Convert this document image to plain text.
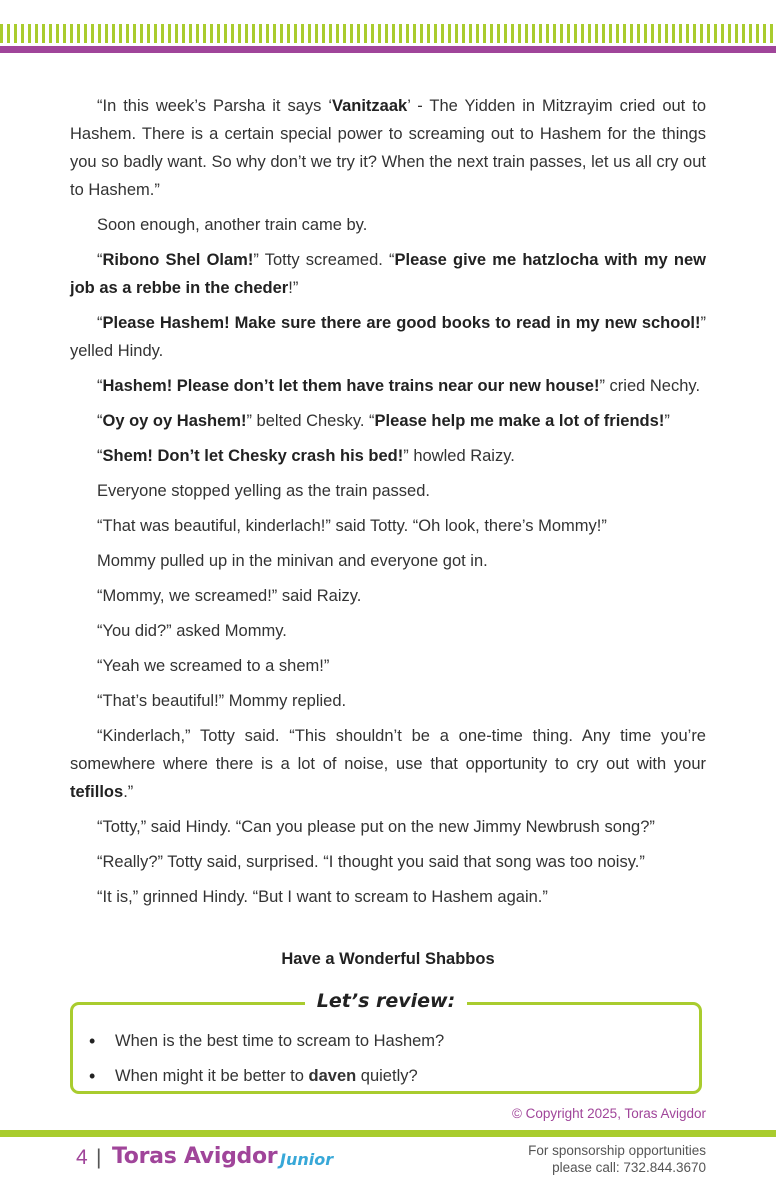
“In this week’s Parsha it says ‘Vanitzaak’ - The Yidden in Mitzrayim cried out to Hashem. There is a certain special power to screaming out to Hashem for the things you so badly want. So why don’t we try it? When the next train passes, let us all cry out to Hashem.”

Soon enough, another train came by.

“Ribono Shel Olam!” Totty screamed. “Please give me hatzlocha with my new job as a rebbe in the cheder!”

“Please Hashem! Make sure there are good books to read in my new school!” yelled Hindy.

“Hashem! Please don’t let them have trains near our new house!” cried Nechy.

“Oy oy oy Hashem!” belted Chesky. “Please help me make a lot of friends!”

“Shem! Don’t let Chesky crash his bed!” howled Raizy.

Everyone stopped yelling as the train passed.

“That was beautiful, kinderlach!” said Totty. “Oh look, there’s Mommy!”

Mommy pulled up in the minivan and everyone got in.

“Mommy, we screamed!” said Raizy.

“You did?” asked Mommy.

“Yeah we screamed to a shem!”

“That’s beautiful!” Mommy replied.

“Kinderlach,” Totty said. “This shouldn’t be a one-time thing. Any time you’re somewhere where there is a lot of noise, use that opportunity to cry out with your tefillos.”

“Totty,” said Hindy. “Can you please put on the new Jimmy Newbrush song?”

“Really?” Totty said, surprised. “I thought you said that song was too noisy.”

“It is,” grinned Hindy. “But I want to scream to Hashem again.”

Have a Wonderful Shabbos
Let’s review:
• When is the best time to scream to Hashem?
• When might it be better to daven quietly?
© Copyright 2025, Toras Avigdor
4 | Toras Avigdor Junior	For sponsorship opportunities
please call: 732.844.3670
